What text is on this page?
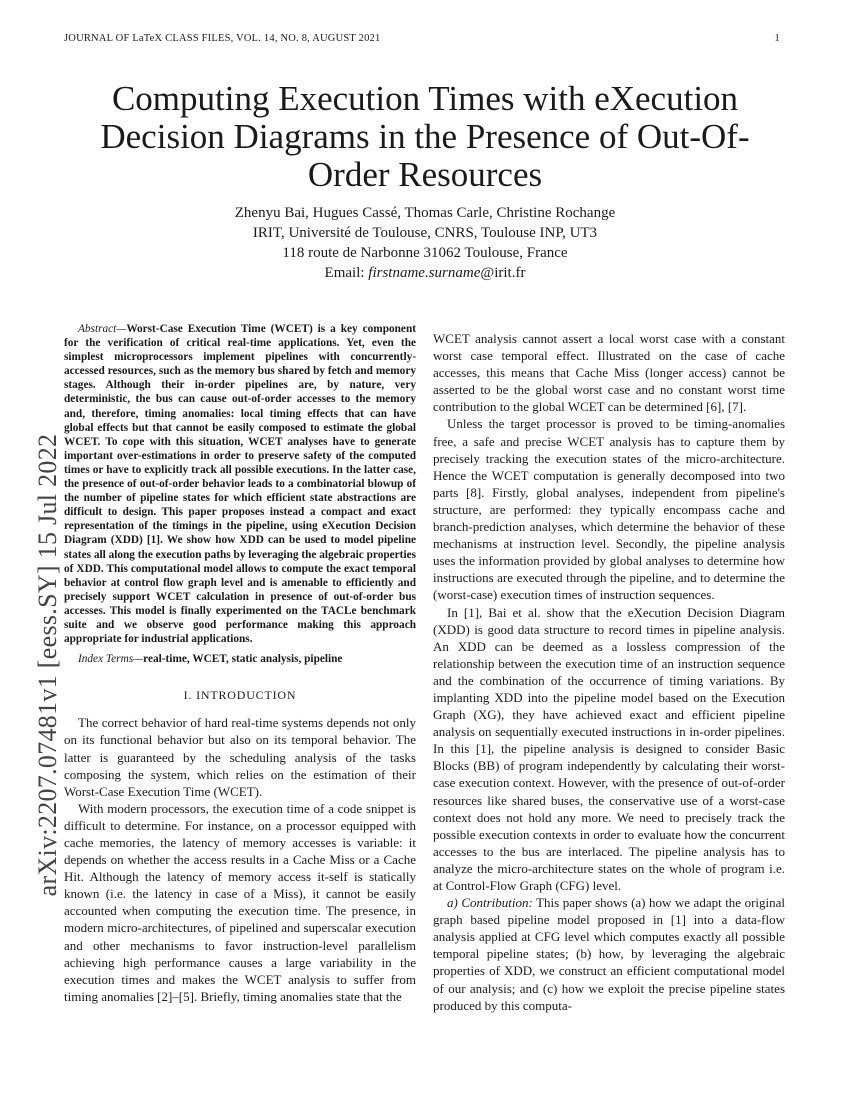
JOURNAL OF LaTeX CLASS FILES, VOL. 14, NO. 8, AUGUST 2021	1
arXiv:2207.07481v1 [eess.SY] 15 Jul 2022
Computing Execution Times with eXecution Decision Diagrams in the Presence of Out-Of-Order Resources
Zhenyu Bai, Hugues Cassé, Thomas Carle, Christine Rochange
IRIT, Université de Toulouse, CNRS, Toulouse INP, UT3
118 route de Narbonne 31062 Toulouse, France
Email: firstname.surname@irit.fr
Abstract—Worst-Case Execution Time (WCET) is a key component for the verification of critical real-time applications. Yet, even the simplest microprocessors implement pipelines with concurrently-accessed resources, such as the memory bus shared by fetch and memory stages. Although their in-order pipelines are, by nature, very deterministic, the bus can cause out-of-order accesses to the memory and, therefore, timing anomalies: local timing effects that can have global effects but that cannot be easily composed to estimate the global WCET. To cope with this situation, WCET analyses have to generate important over-estimations in order to preserve safety of the computed times or have to explicitly track all possible executions. In the latter case, the presence of out-of-order behavior leads to a combinatorial blowup of the number of pipeline states for which efficient state abstractions are difficult to design. This paper proposes instead a compact and exact representation of the timings in the pipeline, using eXecution Decision Diagram (XDD) [1]. We show how XDD can be used to model pipeline states all along the execution paths by leveraging the algebraic properties of XDD. This computational model allows to compute the exact temporal behavior at control flow graph level and is amenable to efficiently and precisely support WCET calculation in presence of out-of-order bus accesses. This model is finally experimented on the TACLe benchmark suite and we observe good performance making this approach appropriate for industrial applications.
Index Terms—real-time, WCET, static analysis, pipeline
I. INTRODUCTION

The correct behavior of hard real-time systems depends not only on its functional behavior but also on its temporal behavior. The latter is guaranteed by the scheduling analysis of the tasks composing the system, which relies on the estimation of their Worst-Case Execution Time (WCET).

With modern processors, the execution time of a code snippet is difficult to determine. For instance, on a processor equipped with cache memories, the latency of memory accesses is variable: it depends on whether the access results in a Cache Miss or a Cache Hit. Although the latency of memory access it-self is statically known (i.e. the latency in case of a Miss), it cannot be easily accounted when computing the execution time. The presence, in modern micro-architectures, of pipelined and superscalar execution and other mechanisms to favor instruction-level parallelism achieving high performance causes a large variability in the execution times and makes the WCET analysis to suffer from timing anomalies [2]–[5]. Briefly, timing anomalies state that the

WCET analysis cannot assert a local worst case with a constant worst case temporal effect. Illustrated on the case of cache accesses, this means that Cache Miss (longer access) cannot be asserted to be the global worst case and no constant worst time contribution to the global WCET can be determined [6], [7].

Unless the target processor is proved to be timing-anomalies free, a safe and precise WCET analysis has to capture them by precisely tracking the execution states of the micro-architecture. Hence the WCET computation is generally decomposed into two parts [8]. Firstly, global analyses, independent from pipeline's structure, are performed: they typically encompass cache and branch-prediction analyses, which determine the behavior of these mechanisms at instruction level. Secondly, the pipeline analysis uses the information provided by global analyses to determine how instructions are executed through the pipeline, and to determine the (worst-case) execution times of instruction sequences.

In [1], Bai et al. show that the eXecution Decision Diagram (XDD) is good data structure to record times in pipeline analysis. An XDD can be deemed as a lossless compression of the relationship between the execution time of an instruction sequence and the combination of the occurrence of timing variations. By implanting XDD into the pipeline model based on the Execution Graph (XG), they have achieved exact and efficient pipeline analysis on sequentially executed instructions in in-order pipelines. In this [1], the pipeline analysis is designed to consider Basic Blocks (BB) of program independently by calculating their worst-case execution context. However, with the presence of out-of-order resources like shared buses, the conservative use of a worst-case context does not hold any more. We need to precisely track the possible execution contexts in order to evaluate how the concurrent accesses to the bus are interlaced. The pipeline analysis has to analyze the micro-architecture states on the whole of program i.e. at Control-Flow Graph (CFG) level.

a) Contribution: This paper shows (a) how we adapt the original graph based pipeline model proposed in [1] into a data-flow analysis applied at CFG level which computes exactly all possible temporal pipeline states; (b) how, by leveraging the algebraic properties of XDD, we construct an efficient computational model of our analysis; and (c) how we exploit the precise pipeline states produced by this computa-
